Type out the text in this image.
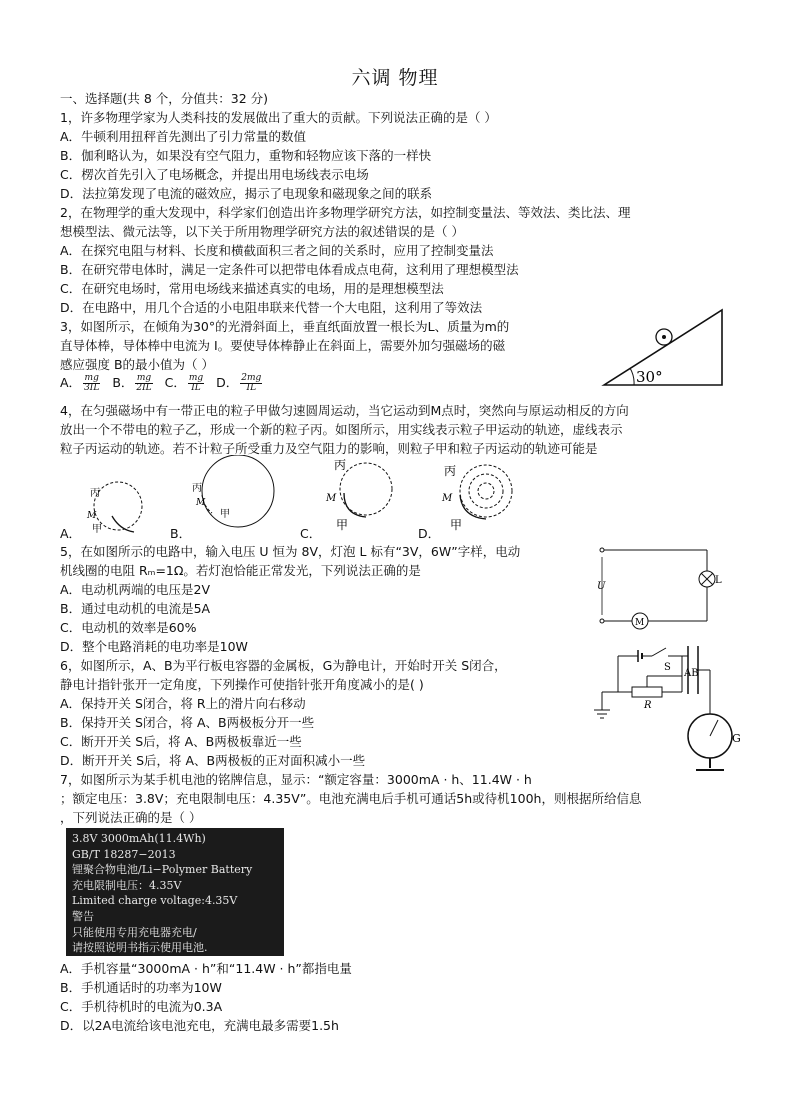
六调 物理
一、选择题(共 8 个，分值共：32 分)
1，许多物理学家为人类科技的发展做出了重大的贡献。下列说法正确的是（ ）
A．牛顿利用扭秤首先测出了引力常量的数值
B．伽利略认为，如果没有空气阻力，重物和轻物应该下落的一样快
C．楞次首先引入了电场概念，并提出用电场线表示电场
D．法拉第发现了电流的磁效应，揭示了电现象和磁现象之间的联系
2，在物理学的重大发现中，科学家们创造出许多物理学研究方法，如控制变量法、等效法、类比法、理
想模型法、微元法等，以下关于所用物理学研究方法的叙述错误的是（ ）
A．在探究电阻与材料、长度和横截面积三者之间的关系时，应用了控制变量法
B．在研究带电体时，满足一定条件可以把带电体看成点电荷，这利用了理想模型法
C．在研究电场时，常用电场线来描述真实的电场，用的是理想模型法
D．在电路中，用几个合适的小电阻串联来代替一个大电阻，这利用了等效法
3，如图所示，在倾角为30°的光滑斜面上，垂直纸面放置一根长为L、质量为m的
直导体棒，导体棒中电流为 I。要使导体棒静止在斜面上，需要外加匀强磁场的磁
感应强度 B的最小值为（ ）
A． $\frac{mg}{3IL}$ B． $\frac{mg}{2IL}$ C． $\frac{mg}{IL}$ D． $\frac{2mg}{IL}$	30°
4，在匀强磁场中有一带正电的粒子甲做匀速圆周运动，当它运动到M点时，突然向与原运动相反的方向
放出一个不带电的粒子乙，形成一个新的粒子丙。如图所示，用实线表示粒子甲运动的轨迹，虚线表示
粒子丙运动的轨迹。若不计粒子所受重力及空气阻力的影响，则粒子甲和粒子丙运动的轨迹可能是
A．
丙
M
甲	B．
丙
M
甲
C．
丙
M
甲
D．
丙
M
甲
5，在如图所示的电路中，输入电压 U 恒为 8V，灯泡 L 标有“3V，6W”字样，电动
机线圈的电阻 Rₘ=1Ω。若灯泡恰能正常发光，下列说法正确的是
A．电动机两端的电压是2V
B．通过电动机的电流是5A
C．电动机的效率是60%
D．整个电路消耗的电功率是10W
U
L
M
6，如图所示，A、B为平行板电容器的金属板，G为静电计，开始时开关 S闭合，
静电计指针张开一定角度，下列操作可使指针张开角度减小的是( )
A．保持开关 S闭合，将 R上的滑片向右移动
B．保持开关 S闭合，将 A、B两极板分开一些
C．断开开关 S后，将 A、B两极板靠近一些
D．断开开关 S后，将 A、B两极板的正对面积减小一些
S
R
AB
G
7，如图所示为某手机电池的铭牌信息，显示：“额定容量：3000mA · h、11.4W · h
；额定电压：3.8V；充电限制电压：4.35V”。电池充满电后手机可通话5h或待机100h，则根据所给信息
，下列说法正确的是（ ）
3.8V 3000mAh(11.4Wh)
GB/T 18287−2013
锂聚合物电池/Li−Polymer Battery
充电限制电压：4.35V
Limited charge voltage:4.35V
警告
只能使用专用充电器充电/
请按照说明书指示使用电池.
A．手机容量“3000mA · h”和“11.4W · h”都指电量
B．手机通话时的功率为10W
C．手机待机时的电流为0.3A
D．以2A电流给该电池充电，充满电最多需要1.5h
